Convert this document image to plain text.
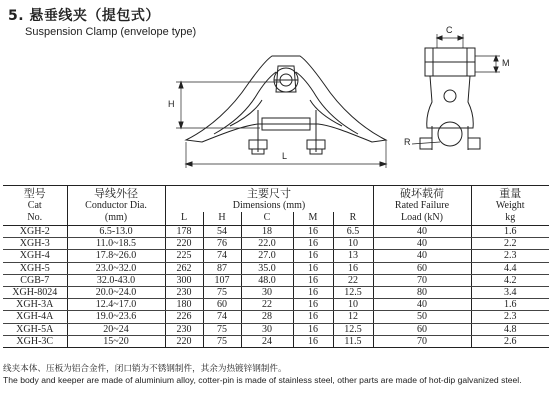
5. 悬垂线夹（提包式）
Suspension Clamp (envelope type)
H
L
C
M
R
型号	导线外径	主要尺寸					破坏载荷	重量
Cat	Conductor Dia.	Dimensions (mm)					Rated Failure	Weight
No.	(mm)	L	H	C	M	R	Load (kN)	kg
XGH-2	6.5-13.0	178	54	18	16	6.5	40	1.6
XGH-3	11.0~18.5	220	76	22.0	16	10	40	2.2
XGH-4	17.8~26.0	225	74	27.0	16	13	40	2.3
XGH-5	23.0~32.0	262	87	35.0	16	16	60	4.4
CGB-7	32.0-43.0	300	107	48.0	16	22	70	4.2
XGH-8024	20.0~24.0	230	75	30	16	12.5	80	3.4
XGH-3A	12.4~17.0	180	60	22	16	10	40	1.6
XGH-4A	19.0~23.6	226	74	28	16	12	50	2.3
XGH-5A	20~24	230	75	30	16	12.5	60	4.8
XGH-3C	15~20	220	75	24	16	11.5	70	2.6
线夹本体、压板为铝合金件，闭口销为不锈钢制件，其余为热镀锌钢制件。
The body and keeper are made of aluminium alloy, cotter-pin is made of stainless steel, other parts are made of hot-dip galvanized steel.
